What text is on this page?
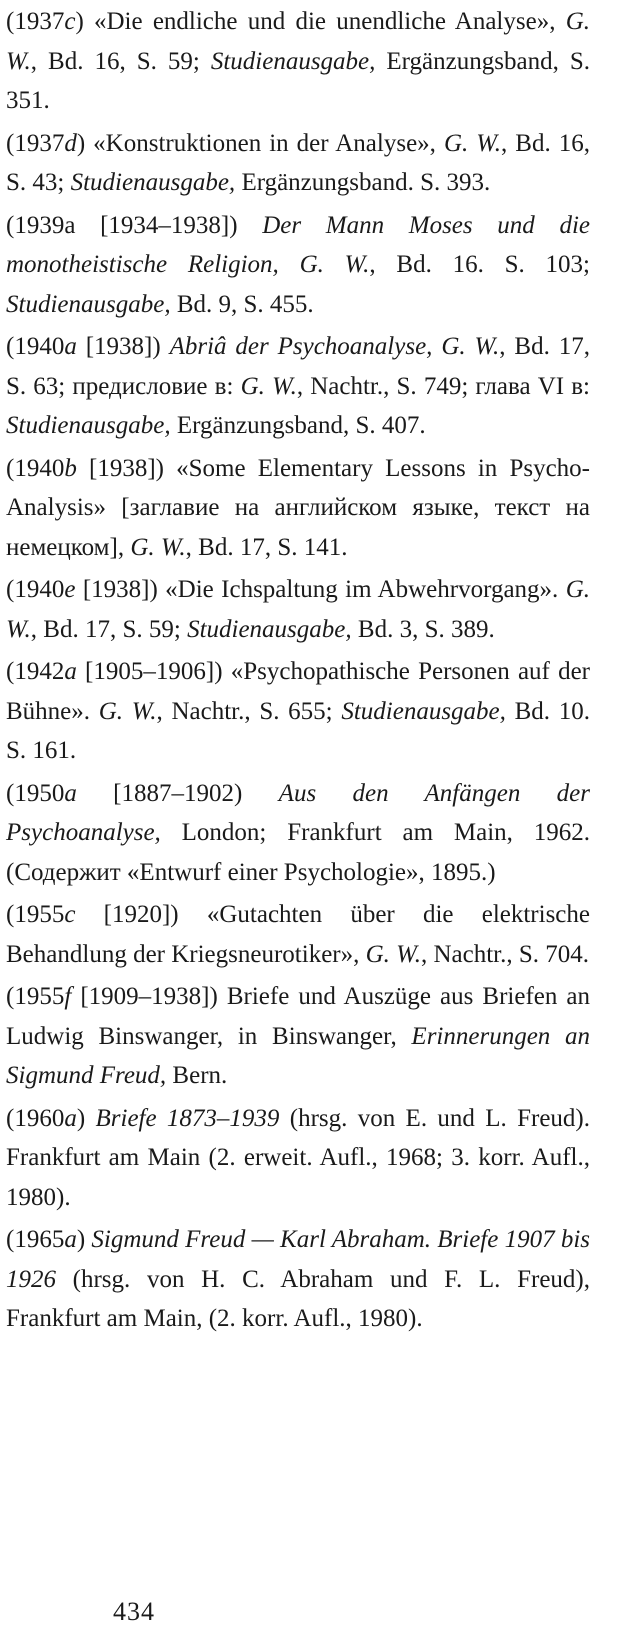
(1937c) «Die endliche und die unendliche Analyse», G. W., Bd. 16, S. 59; Studienausgabe, Ergänzungsband, S. 351.

(1937d) «Konstruktionen in der Analyse», G. W., Bd. 16, S. 43; Studienausgabe, Ergänzungsband. S. 393.

(1939a [1934–1938]) Der Mann Moses und die monotheistische Religion, G. W., Bd. 16. S. 103; Studienausgabe, Bd. 9, S. 455.

(1940a [1938]) Abriâ der Psychoanalyse, G. W., Bd. 17, S. 63; предисловие в: G. W., Nachtr., S. 749; глава VI в: Studienausgabe, Ergänzungsband, S. 407.

(1940b [1938]) «Some Elementary Lessons in Psycho-Analysis» [заглавие на английском языке, текст на немецком], G. W., Bd. 17, S. 141.

(1940e [1938]) «Die Ichspaltung im Abwehrvorgang». G. W., Bd. 17, S. 59; Studienausgabe, Bd. 3, S. 389.

(1942a [1905–1906]) «Psychopathische Personen auf der Bühne». G. W., Nachtr., S. 655; Studienausgabe, Bd. 10. S. 161.

(1950a [1887–1902) Aus den Anfängen der Psychoanalyse, London; Frankfurt am Main, 1962. (Содержит «Entwurf einer Psychologie», 1895.)

(1955c [1920]) «Gutachten über die elektrische Behandlung der Kriegsneurotiker», G. W., Nachtr., S. 704.

(1955f [1909–1938]) Briefe und Auszüge aus Briefen an Ludwig Binswanger, in Binswanger, Erinnerungen an Sigmund Freud, Bern.

(1960a) Briefe 1873–1939 (hrsg. von E. und L. Freud). Frankfurt am Main (2. erweit. Aufl., 1968; 3. korr. Aufl., 1980).

(1965a) Sigmund Freud — Karl Abraham. Briefe 1907 bis 1926 (hrsg. von H. C. Abraham und F. L. Freud), Frankfurt am Main, (2. korr. Aufl., 1980).

434
